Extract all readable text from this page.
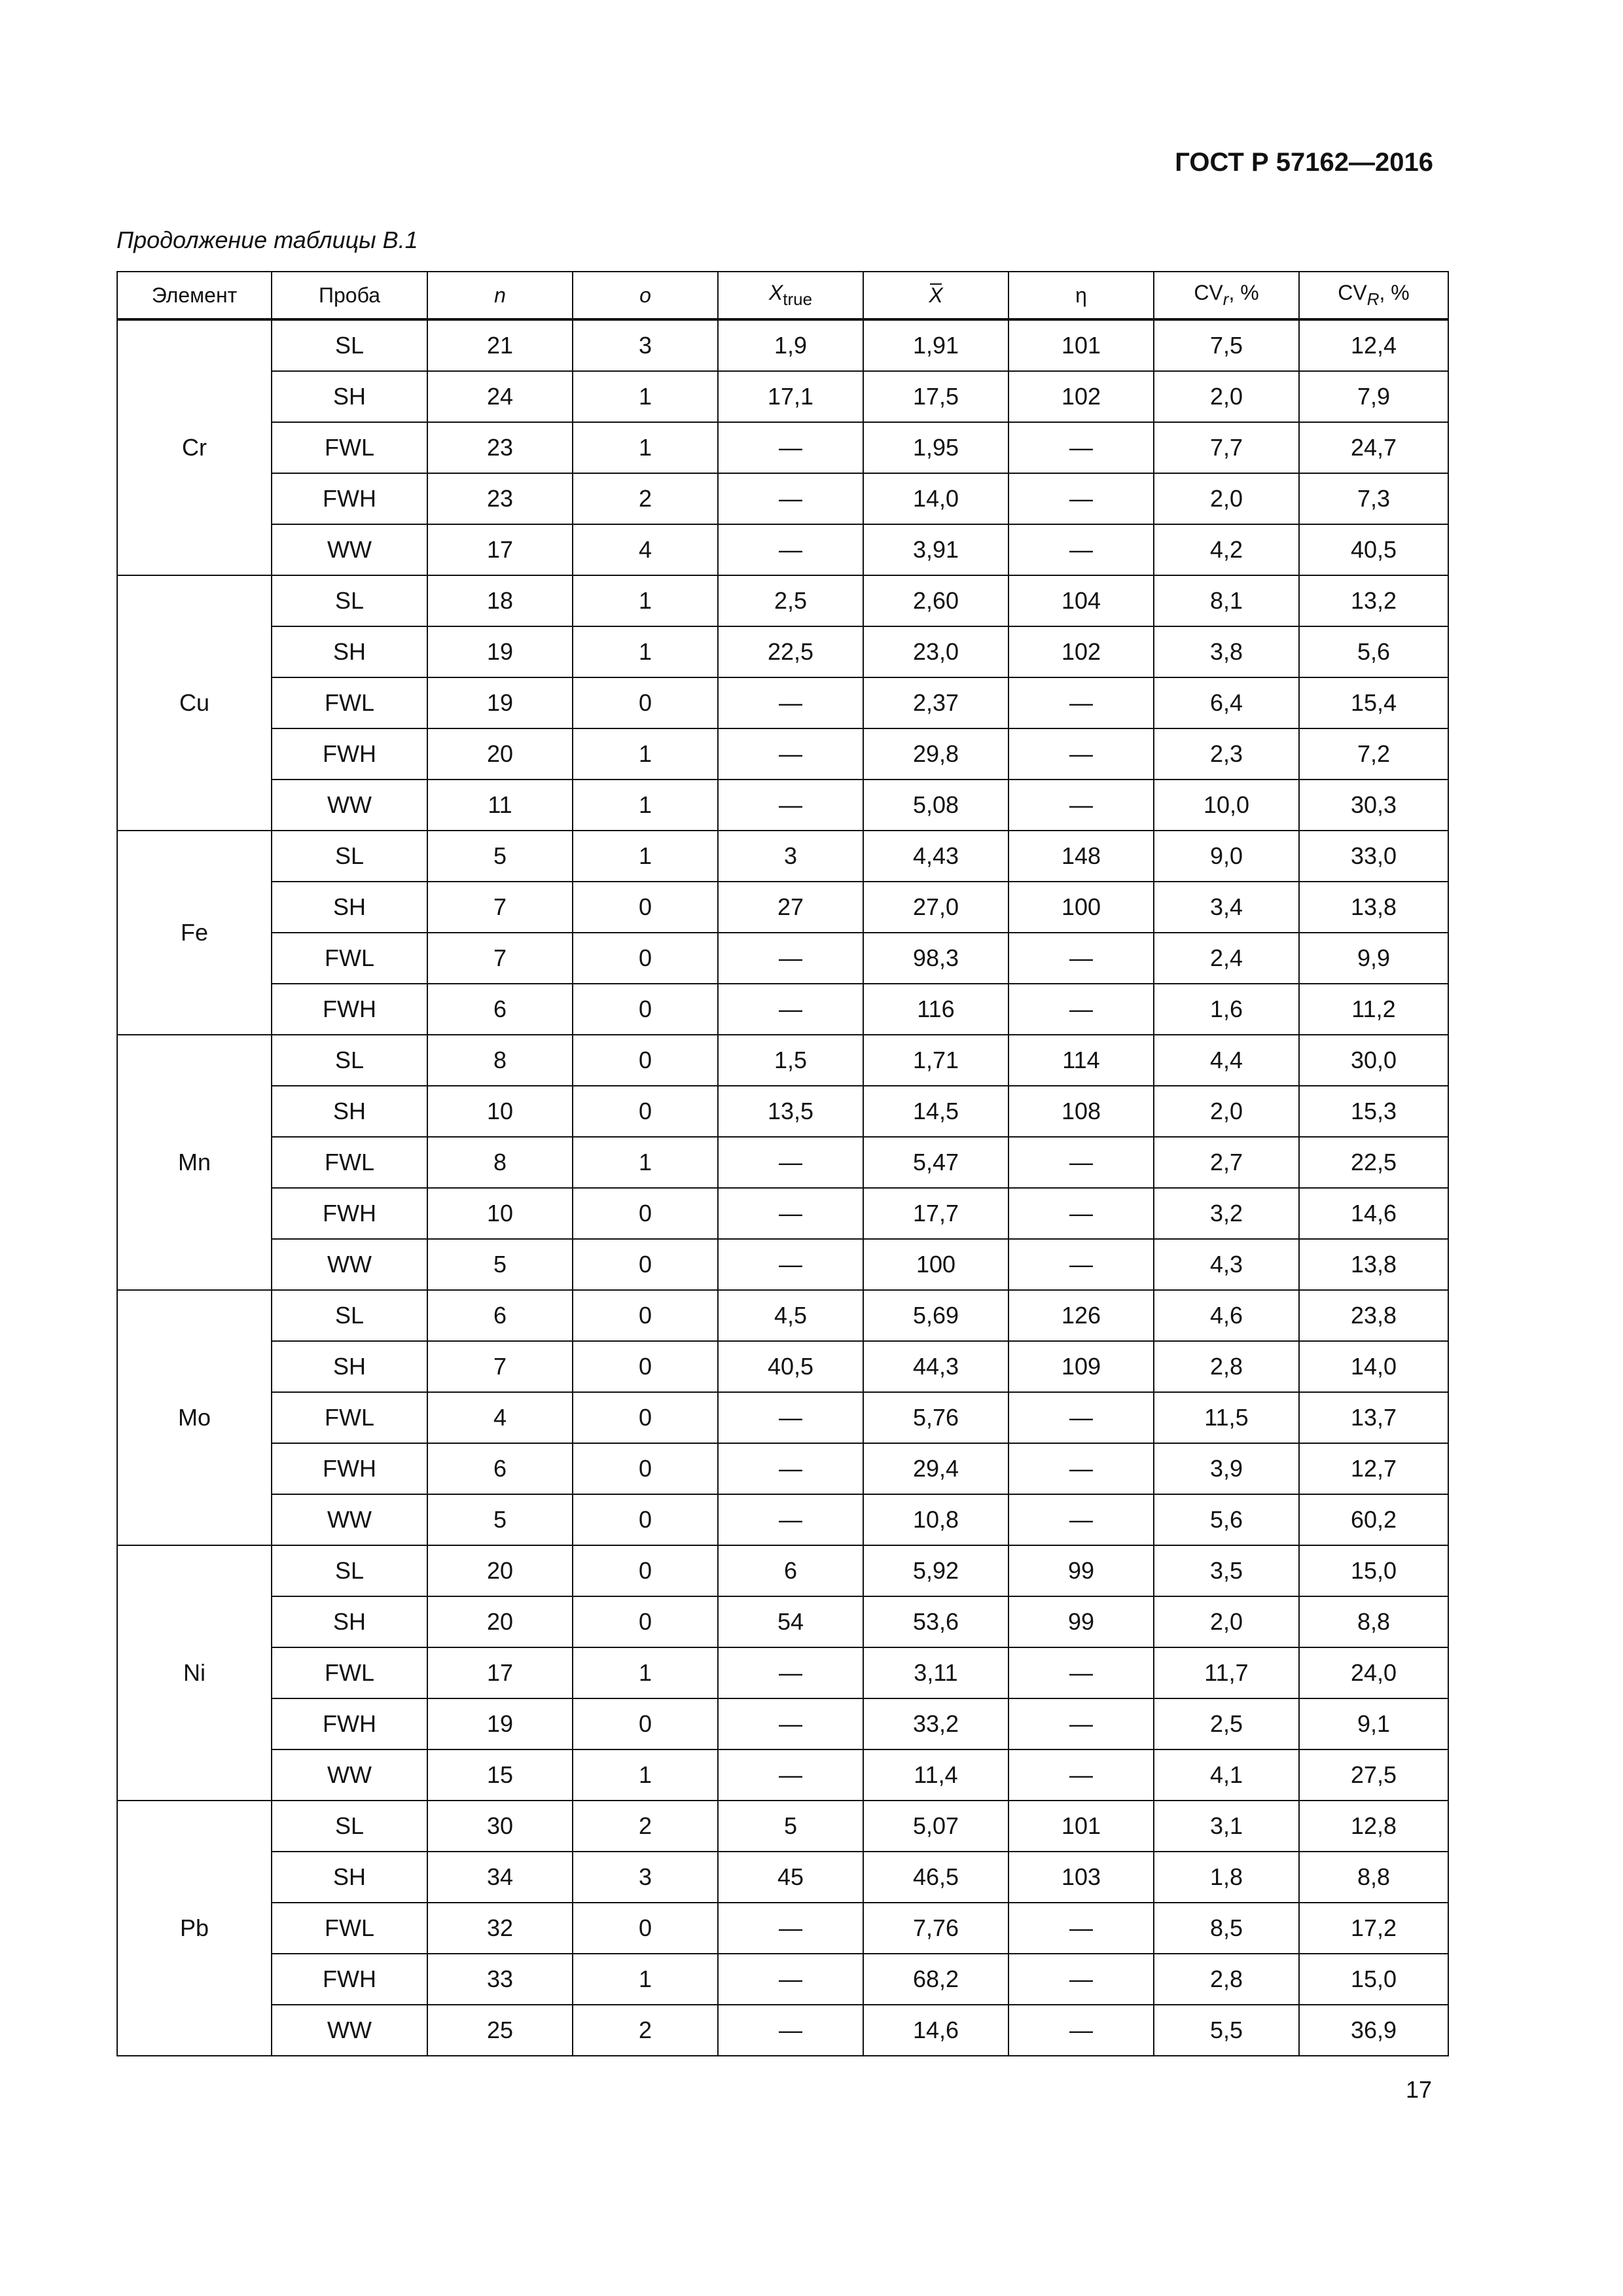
ГОСТ Р 57162—2016
Продолжение таблицы В.1
Элемент	Проба	n	o	$X_{true}$	X	η	$CV_r$, %	$CV_R$, %
Cr	SL	21	3	1,9	1,91	101	7,5	12,4
	SH	24	1	17,1	17,5	102	2,0	7,9
	FWL	23	1	—	1,95	—	7,7	24,7
	FWH	23	2	—	14,0	—	2,0	7,3
	WW	17	4	—	3,91	—	4,2	40,5
Cu	SL	18	1	2,5	2,60	104	8,1	13,2
	SH	19	1	22,5	23,0	102	3,8	5,6
	FWL	19	0	—	2,37	—	6,4	15,4
	FWH	20	1	—	29,8	—	2,3	7,2
	WW	11	1	—	5,08	—	10,0	30,3
Fe	SL	5	1	3	4,43	148	9,0	33,0
	SH	7	0	27	27,0	100	3,4	13,8
	FWL	7	0	—	98,3	—	2,4	9,9
	FWH	6	0	—	116	—	1,6	11,2
Mn	SL	8	0	1,5	1,71	114	4,4	30,0
	SH	10	0	13,5	14,5	108	2,0	15,3
	FWL	8	1	—	5,47	—	2,7	22,5
	FWH	10	0	—	17,7	—	3,2	14,6
	WW	5	0	—	100	—	4,3	13,8
Mo	SL	6	0	4,5	5,69	126	4,6	23,8
	SH	7	0	40,5	44,3	109	2,8	14,0
	FWL	4	0	—	5,76	—	11,5	13,7
	FWH	6	0	—	29,4	—	3,9	12,7
	WW	5	0	—	10,8	—	5,6	60,2
Ni	SL	20	0	6	5,92	99	3,5	15,0
	SH	20	0	54	53,6	99	2,0	8,8
	FWL	17	1	—	3,11	—	11,7	24,0
	FWH	19	0	—	33,2	—	2,5	9,1
	WW	15	1	—	11,4	—	4,1	27,5
Pb	SL	30	2	5	5,07	101	3,1	12,8
	SH	34	3	45	46,5	103	1,8	8,8
	FWL	32	0	—	7,76	—	8,5	17,2
	FWH	33	1	—	68,2	—	2,8	15,0
	WW	25	2	—	14,6	—	5,5	36,9
17
